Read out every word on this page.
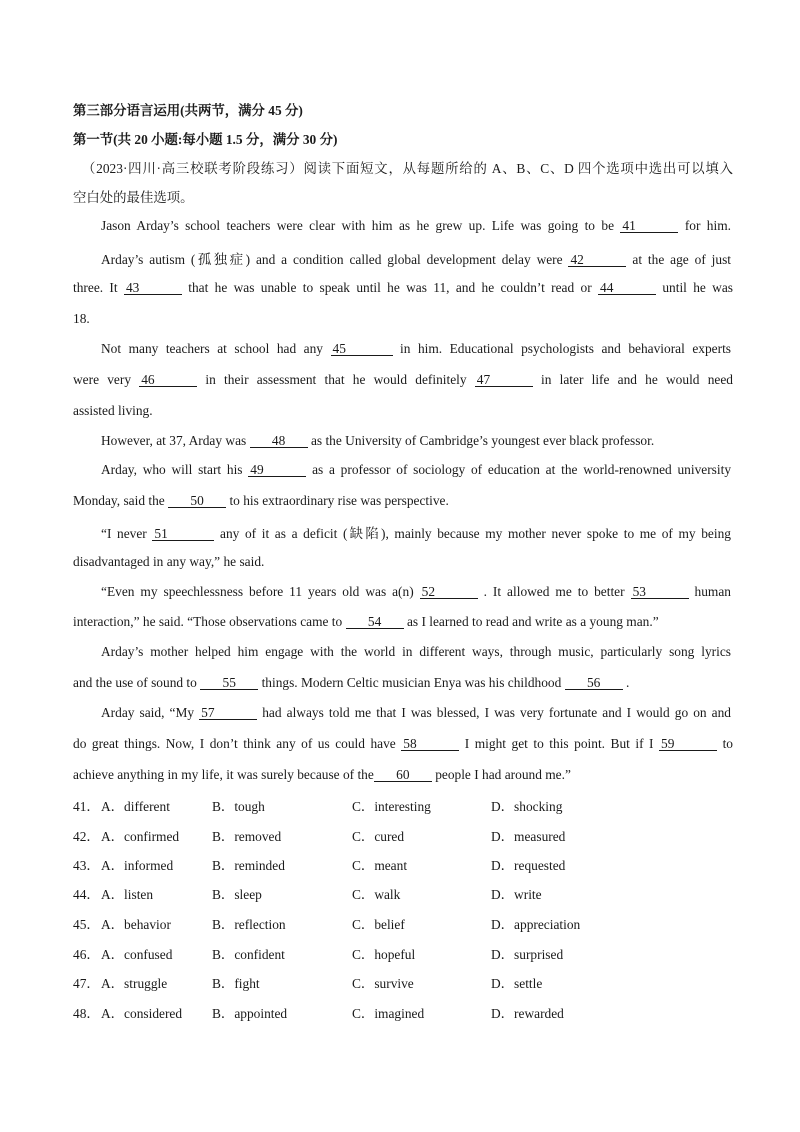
第三部分语言运用(共两节，满分 45 分)
第一节(共 20 小题:每小题 1.5 分，满分 30 分)
（2023·四川·高三校联考阶段练习）阅读下面短文，从每题所给的 A、B、C、D 四个选项中选出可以填入
空白处的最佳选项。
Jason Arday’s school teachers were clear with him as he grew up. Life was going to be 41	for him.
Arday’s autism (孤独症) and a condition called global development delay were 42	at the age of just
three. It 43	that he was unable to speak until he was 11, and he couldn’t read or 44	until he was
18.
Not many teachers at school had any 45	in him. Educational psychologists and behavioral experts
were very 46	in their assessment that he would definitely 47	in later life and he would need
assisted living.
However, at 37, Arday was 48 as the University of Cambridge’s youngest ever black professor.
Arday, who will start his 49	as a professor of sociology of education at the world-renowned university
Monday, said the 50 to his extraordinary rise was perspective.
“I never 51	any of it as a deficit (缺陷), mainly because my mother never spoke to me of my being
disadvantaged in any way,” he said.
“Even my speechlessness before 11 years old was a(n) 52	. It allowed me to better 53	human
interaction,” he said. “Those observations came to 54 as I learned to read and write as a young man.”
Arday’s mother helped him engage with the world in different ways, through music, particularly song lyrics
and the use of sound to 55 things. Modern Celtic musician Enya was his childhood 56 .
Arday said, “My 57	had always told me that I was blessed, I was very fortunate and I would go on and
do great things. Now, I don’t think any of us could have 58	I might get to this point. But if I 59	to
achieve anything in my life, it was surely because of the 60 people I had around me.”
41． A．different	B．tough	C．interesting	D．shocking
42． A．confirmed B．removed	C．cured	D．measured
43． A．informed	B．reminded	C．meant	D．requested
44． A．listen	B．sleep	C．walk	D．write
45． A．behavior	B．reflection	C．belief	D．appreciation
46． A．confused	B．confident	C．hopeful	D．surprised
47． A．struggle	B．fight	C．survive	D．settle
48． A．considered B．appointed	C．imagined	D．rewarded
